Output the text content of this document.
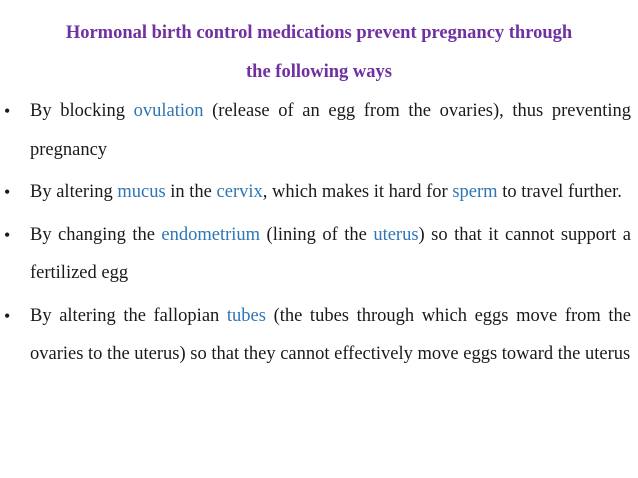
Hormonal birth control medications prevent pregnancy through
the following ways
• By blocking ovulation (release of an egg from the ovaries), thus preventing pregnancy
• By altering mucus in the cervix, which makes it hard for sperm to travel further.
• By changing the endometrium (lining of the uterus) so that it cannot support a fertilized egg
• By altering the fallopian tubes (the tubes through which eggs move from the ovaries to the uterus) so that they cannot effectively move eggs toward the uterus
